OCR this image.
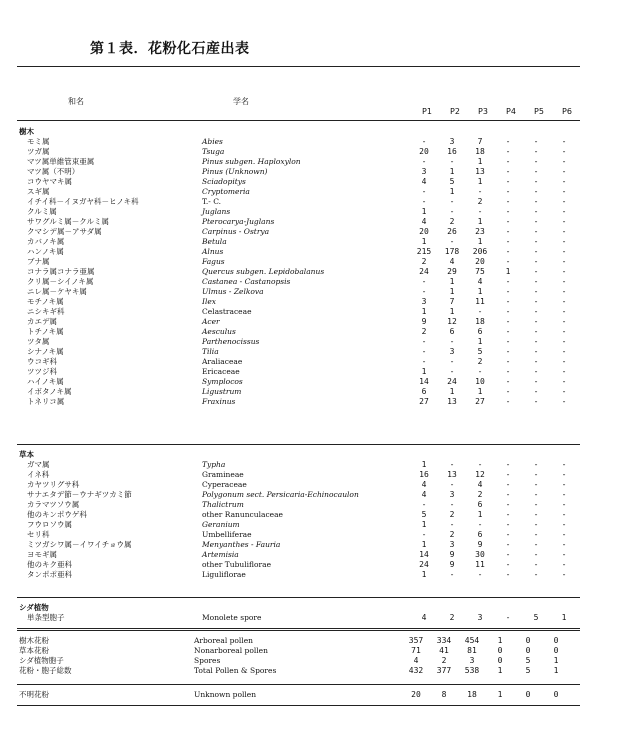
第１表．花粉化石産出表
和名	学名
P1	P2	P3	P4	P5	P6
樹木							
モミ属	Abies	-	3	7	-	-	-
ツガ属	Tsuga	20	16	18	-	-	-
マツ属単維管束亜属	Pinus subgen. Haploxylon	-	-	1	-	-	-
マツ属（不明）	Pinus (Unknown)	3	1	13	-	-	-
コウヤマキ属	Sciadopitys	4	5	1	-	-	-
スギ属	Cryptomeria	-	1	-	-	-	-
イチイ科－イヌガヤ科－ヒノキ科	T.- C.	-	-	2	-	-	-
クルミ属	Juglans	1	-	-	-	-	-
サワグルミ属－クルミ属	Pterocarya-Juglans	4	2	1	-	-	-
クマシデ属－アサダ属	Carpinus - Ostrya	20	26	23	-	-	-
カバノキ属	Betula	1	-	1	-	-	-
ハンノキ属	Alnus	215	178	206	-	-	-
ブナ属	Fagus	2	4	20	-	-	-
コナラ属コナラ亜属	Quercus subgen. Lepidobalanus	24	29	75	1	-	-
クリ属－シイノキ属	Castanea - Castanopsis	-	1	4	-	-	-
ニレ属－ケヤキ属	Ulmus - Zelkova	-	1	1	-	-	-
モチノキ属	Ilex	3	7	11	-	-	-
ニシキギ科	Celastraceae	1	1	-	-	-	-
カエデ属	Acer	9	12	18	-	-	-
トチノキ属	Aesculus	2	6	6	-	-	-
ツタ属	Parthenocissus	-	-	1	-	-	-
シナノキ属	Tilia	-	3	5	-	-	-
ウコギ科	Araliaceae	-	-	2	-	-	-
ツツジ科	Ericaceae	1	-	-	-	-	-
ハイノキ属	Symplocos	14	24	10	-	-	-
イボタノキ属	Ligustrum	6	1	1	-	-	-
トネリコ属	Fraxinus	27	13	27	-	-	-
草本							
ガマ属	Typha	1	-	-	-	-	-
イネ科	Gramineae	16	13	12	-	-	-
カヤツリグサ科	Cyperaceae	4	-	4	-	-	-
サナエタデ節－ウナギツカミ節	Polygonum sect. Persicaria-Echinocaulon	4	3	2	-	-	-
カラマツソウ属	Thalictrum	-	-	6	-	-	-
他のキンポウゲ科	other Ranunculaceae	5	2	1	-	-	-
フウロソウ属	Geranium	1	-	-	-	-	-
セリ科	Umbelliferae	-	2	6	-	-	-
ミツガシワ属－イワイチョウ属	Menyanthes - Fauria	1	3	9	-	-	-
ヨモギ属	Artemisia	14	9	30	-	-	-
他のキク亜科	other Tubuliflorae	24	9	11	-	-	-
タンポポ亜科	Liguliflorae	1	-	-	-	-	-
シダ植物
単条型胞子	Monolete spore	4	2	3	-	5	1
樹木花粉	Arboreal pollen	357	334	454	1	0	0
草本花粉	Nonarboreal pollen	71	41	81	0	0	0
シダ植物胞子	Spores	4	2	3	0	5	1
花粉・胞子総数	Total Pollen & Spores	432	377	538	1	5	1
不明花粉	Unknown pollen	20	8	18	1	0	0
